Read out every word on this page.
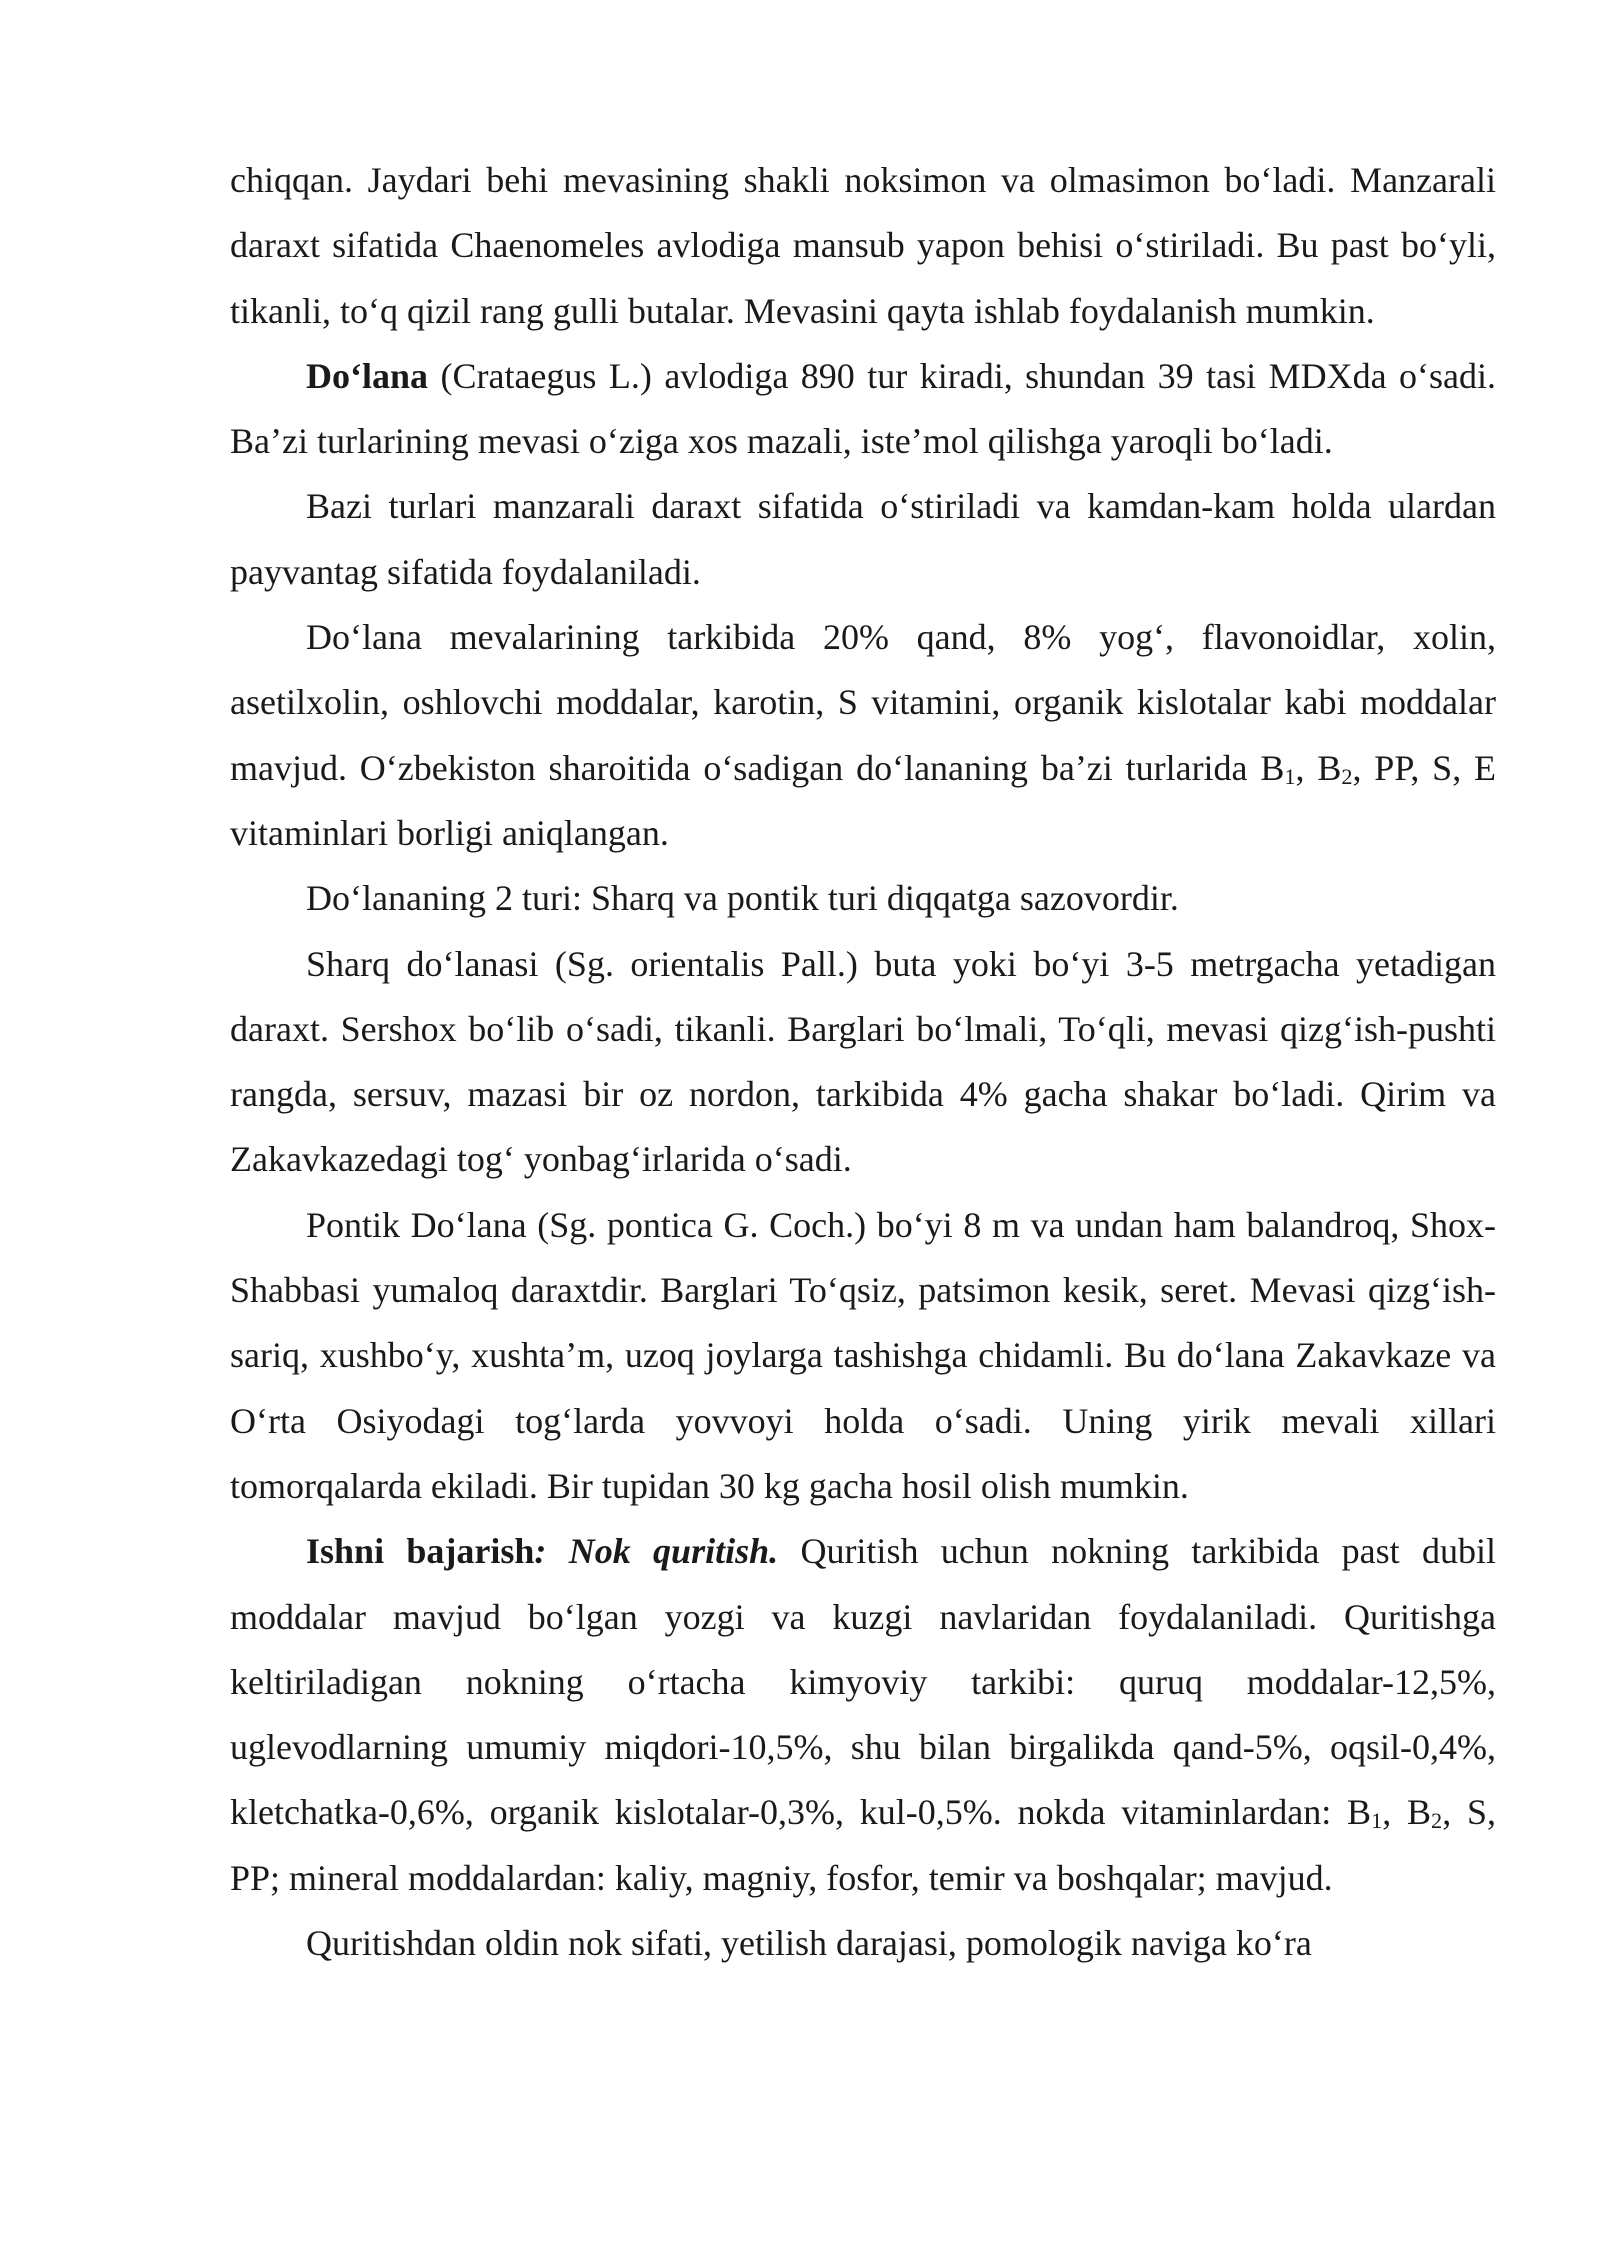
chiqqan. Jaydari behi mevasining shakli noksimon va olmasimon boʻladi. Manzarali daraxt sifatida Chaenomeles avlodiga mansub yapon behisi oʻstiriladi. Bu past boʻyli, tikanli, toʻq qizil rang gulli butalar. Mevasini qayta ishlab foydalanish mumkin.

Doʻlana (Crataegus L.) avlodiga 890 tur kiradi, shundan 39 tasi MDXda oʻsadi. Baʼzi turlarining mevasi oʻziga xos mazali, isteʼmol qilishga yaroqli boʻladi.

Bazi turlari manzarali daraxt sifatida oʻstiriladi va kamdan-kam holda ulardan payvantag sifatida foydalaniladi.

Doʻlana mevalarining tarkibida 20% qand, 8% yogʻ, flavonoidlar, xolin, asetilxolin, oshlovchi moddalar, karotin, S vitamini, organik kislotalar kabi moddalar mavjud. Oʻzbekiston sharoitida oʻsadigan doʻlananing baʼzi turlarida $B_1$, $B_2$, PP, S, E vitaminlari borligi aniqlangan.

Doʻlananing 2 turi: Sharq va pontik turi diqqatga sazovordir.

Sharq doʻlanasi (Sg. orientalis Pall.) buta yoki boʻyi 3-5 metrgacha yetadigan daraxt. Sershox boʻlib oʻsadi, tikanli. Barglari boʻlmali, Toʻqli, mevasi qizgʻish-pushti rangda, sersuv, mazasi bir oz nordon, tarkibida 4% gacha shakar boʻladi. Qirim va Zakavkazedagi togʻ yonbagʻirlarida oʻsadi.

Pontik Doʻlana (Sg. pontica G. Coch.) boʻyi 8 m va undan ham balandroq, Shox- Shabbasi yumaloq daraxtdir. Barglari Toʻqsiz, patsimon kesik, seret. Mevasi qizgʻish- sariq, xushboʻy, xushtaʼm, uzoq joylarga tashishga chidamli. Bu doʻlana Zakavkaze va Oʻrta Osiyodagi togʻlarda yovvoyi holda oʻsadi. Uning yirik mevali xillari tomorqalarda ekiladi. Bir tupidan 30 kg gacha hosil olish mumkin.

Ishni bajarish: Nok quritish. Quritish uchun nokning tarkibida past dubil moddalar mavjud boʻlgan yozgi va kuzgi navlaridan foydalaniladi. Quritishga keltiriladigan nokning oʻrtacha kimyoviy tarkibi: quruq moddalar-12,5%, uglevodlarning umumiy miqdori-10,5%, shu bilan birgalikda qand-5%, oqsil-0,4%, kletchatka-0,6%, organik kislotalar-0,3%, kul-0,5%. nokda vitaminlardan: $B_1$, $B_2$, S, PP; mineral moddalardan: kaliy, magniy, fosfor, temir va boshqalar; mavjud.

Quritishdan oldin nok sifati, yetilish darajasi, pomologik naviga koʻra
